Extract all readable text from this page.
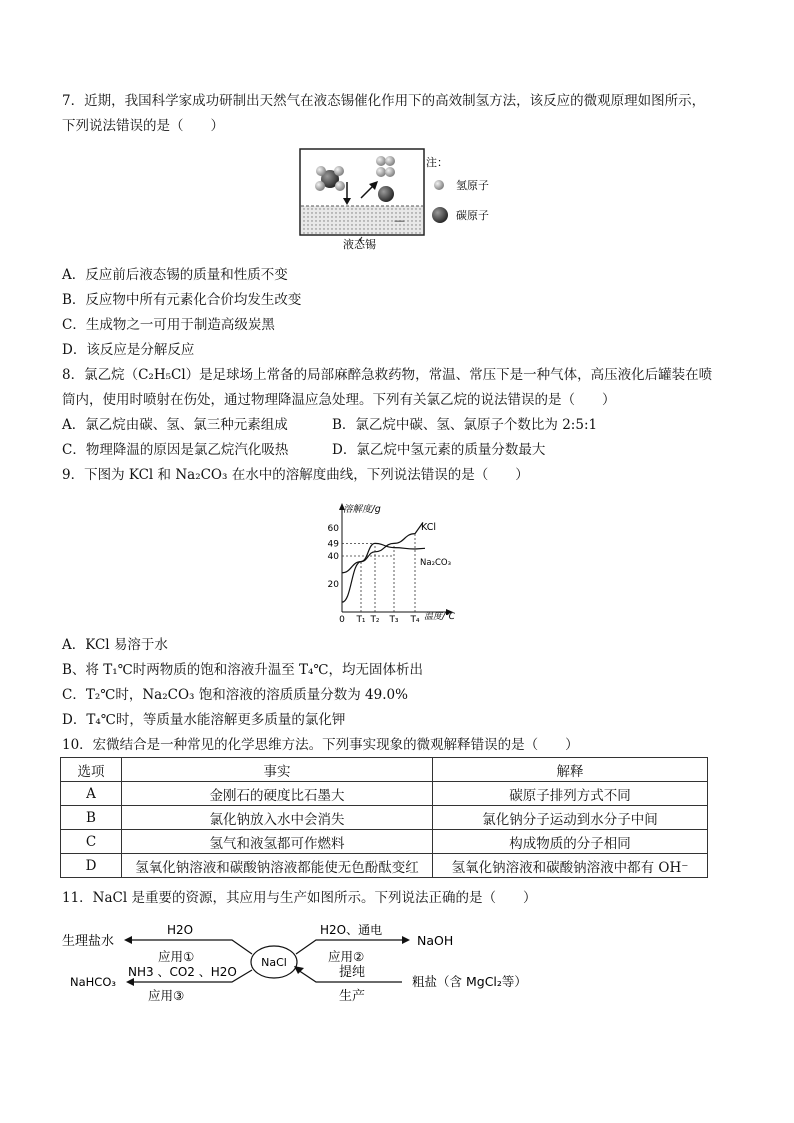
7．近期，我国科学家成功研制出天然气在液态锡催化作用下的高效制氢方法，该反应的微观原理如图所示，
下列说法错误的是（　　）
—
注：
氢原子
碳原子
液态锡
A．反应前后液态锡的质量和性质不变
B．反应物中所有元素化合价均发生改变
C．生成物之一可用于制造高级炭黑
D．该反应是分解反应
8．氯乙烷（C₂H₅Cl）是足球场上常备的局部麻醉急救药物，常温、常压下是一种气体，高压液化后罐装在喷
筒内，使用时喷射在伤处，通过物理降温应急处理。下列有关氯乙烷的说法错误的是（　　）
A．氯乙烷由碳、氢、氯三种元素组成	B．氯乙烷中碳、氢、氯原子个数比为 2:5:1
C．物理降温的原因是氯乙烷汽化吸热	D．氯乙烷中氢元素的质量分数最大
9．下图为 KCl 和 Na₂CO₃ 在水中的溶解度曲线，下列说法错误的是（　　）
溶解度/g
温度/℃
20
40
49
60
0 T₁ T₂ T₃ T₄
KCl
Na₂CO₃
A．KCl 易溶于水
B、将 T₁℃时两物质的饱和溶液升温至 T₄℃，均无固体析出
C．T₂℃时，Na₂CO₃ 饱和溶液的溶质质量分数为 49.0%
D．T₄℃时，等质量水能溶解更多质量的氯化钾
10．宏微结合是一种常见的化学思维方法。下列事实现象的微观解释错误的是（　　）
选项	事实	解释
A	金刚石的硬度比石墨大	碳原子排列方式不同
B	氯化钠放入水中会消失	氯化钠分子运动到水分子中间
C	氢气和液氢都可作燃料	构成物质的分子相同
D	氢氧化钠溶液和碳酸钠溶液都能使无色酚酞变红	氢氧化钠溶液和碳酸钠溶液中都有 OH⁻
11．NaCl 是重要的资源，其应用与生产如图所示。下列说法正确的是（　　）
NaCl
生理盐水
H2O
应用①
H2O、通电
应用②
NaOH
NH3 、CO2 、H2O
应用③
NaHCO₃
提纯
生产
粗盐（含 MgCl₂等）
